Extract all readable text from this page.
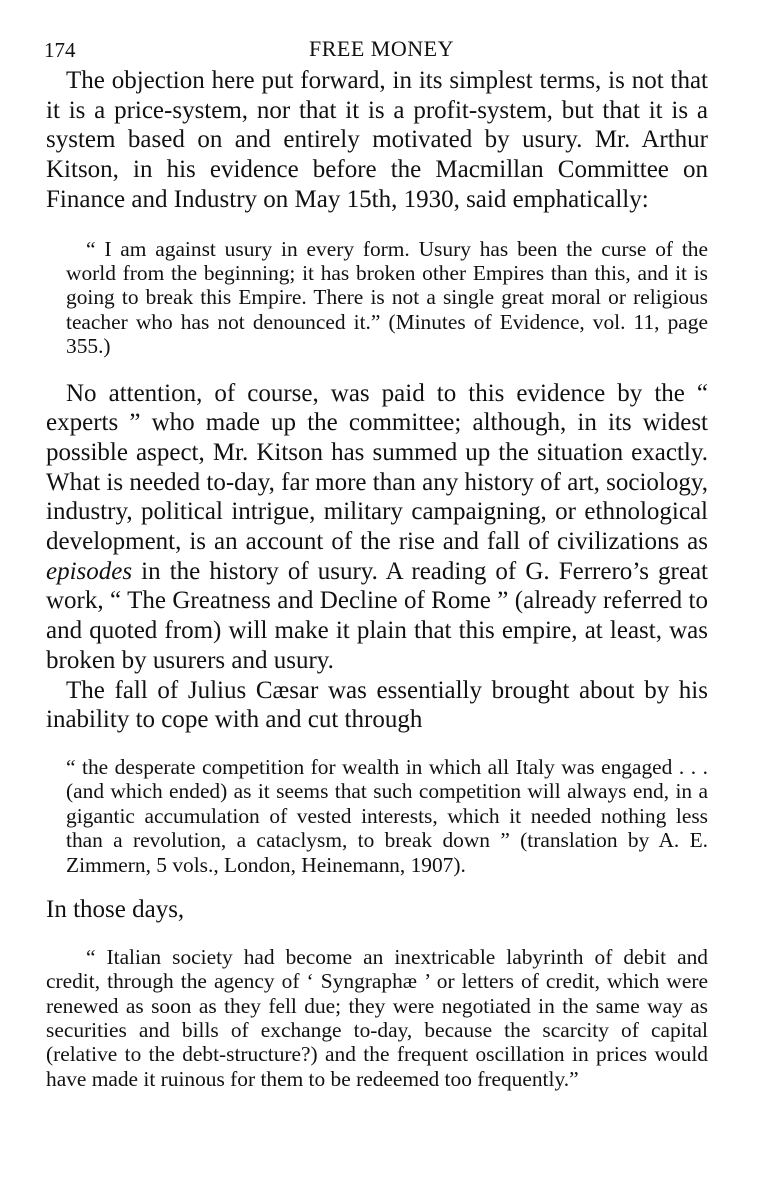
174	FREE MONEY

The objection here put forward, in its simplest terms, is not that it is a price-system, nor that it is a profit-system, but that it is a system based on and entirely motivated by usury. Mr. Arthur Kitson, in his evidence before the Macmillan Committee on Finance and Industry on May 15th, 1930, said emphatically:

“ I am against usury in every form. Usury has been the curse of the world from the beginning; it has broken other Empires than this, and it is going to break this Empire. There is not a single great moral or religious teacher who has not denounced it.” (Minutes of Evidence, vol. 11, page 355.)

No attention, of course, was paid to this evidence by the “ experts ” who made up the committee; although, in its widest possible aspect, Mr. Kitson has summed up the situation exactly. What is needed to-day, far more than any history of art, sociology, industry, political intrigue, military campaigning, or ethnological development, is an account of the rise and fall of civilizations as episodes in the history of usury. A reading of G. Ferrero’s great work, “ The Greatness and Decline of Rome ” (already referred to and quoted from) will make it plain that this empire, at least, was broken by usurers and usury.

The fall of Julius Cæsar was essentially brought about by his inability to cope with and cut through

“ the desperate competition for wealth in which all Italy was engaged . . . (and which ended) as it seems that such competition will always end, in a gigantic accumulation of vested interests, which it needed nothing less than a revolution, a cataclysm, to break down ” (translation by A. E. Zimmern, 5 vols., London, Heinemann, 1907).

In those days,

“ Italian society had become an inextricable labyrinth of debit and credit, through the agency of ‘ Syngraphæ ’ or letters of credit, which were renewed as soon as they fell due; they were negotiated in the same way as securities and bills of exchange to-day, because the scarcity of capital (relative to the debt-structure?) and the frequent oscillation in prices would have made it ruinous for them to be redeemed too frequently.”
